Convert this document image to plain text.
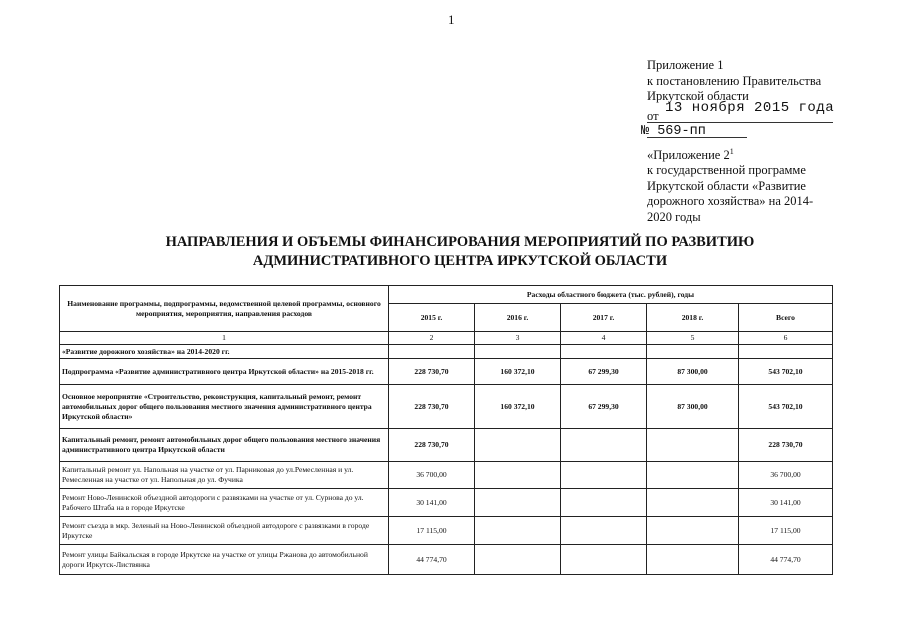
1
Приложение 1
к постановлению Правительства
Иркутской области
от 13 ноября 2015 года
№ 569-пп
«Приложение $2^1$
к государственной программе
Иркутской области «Развитие
дорожного хозяйства» на 2014-
2020 годы
НАПРАВЛЕНИЯ И ОБЪЕМЫ ФИНАНСИРОВАНИЯ МЕРОПРИЯТИЙ ПО РАЗВИТИЮ
АДМИНИСТРАТИВНОГО ЦЕНТРА ИРКУТСКОЙ ОБЛАСТИ
Наименование программы, подпрограммы, ведомственной целевой программы, основного мероприятия, мероприятия, направления расходов	Расходы областного бюджета (тыс. рублей), годы				
	2015 г.	2016 г.	2017 г.	2018 г.	Всего
1	2	3	4	5	6
«Развитие дорожного хозяйства» на 2014-2020 гг.					
Подпрограмма «Развитие административного центра Иркутской области» на 2015-2018 гг.	228 730,70	160 372,10	67 299,30	87 300,00	543 702,10
Основное мероприятие «Строительство, реконструкция, капитальный ремонт, ремонт автомобильных дорог общего пользования местного значения административного центра Иркутской области»	228 730,70	160 372,10	67 299,30	87 300,00	543 702,10
Капитальный ремонт, ремонт автомобильных дорог общего пользования местного значения административного центра Иркутской области	228 730,70				228 730,70
Капитальный ремонт ул. Напольная на участке от ул. Парниковая до ул.Ремесленная и ул. Ремесленная на участке от ул. Напольная до ул. Фучика	36 700,00				36 700,00
Ремонт Ново-Ленинской объездной автодороги с развязками на участке от ул. Сурнова до ул. Рабочего Штаба на в городе Иркутске	30 141,00				30 141,00
Ремонт съезда в мкр. Зеленый на Ново-Ленинской объездной автодороге с развязками в городе Иркутске	17 115,00				17 115,00
Ремонт улицы Байкальская в городе Иркутске на участке от улицы Ржанова до автомобильной дороги Иркутск-Листвянка	44 774,70				44 774,70
